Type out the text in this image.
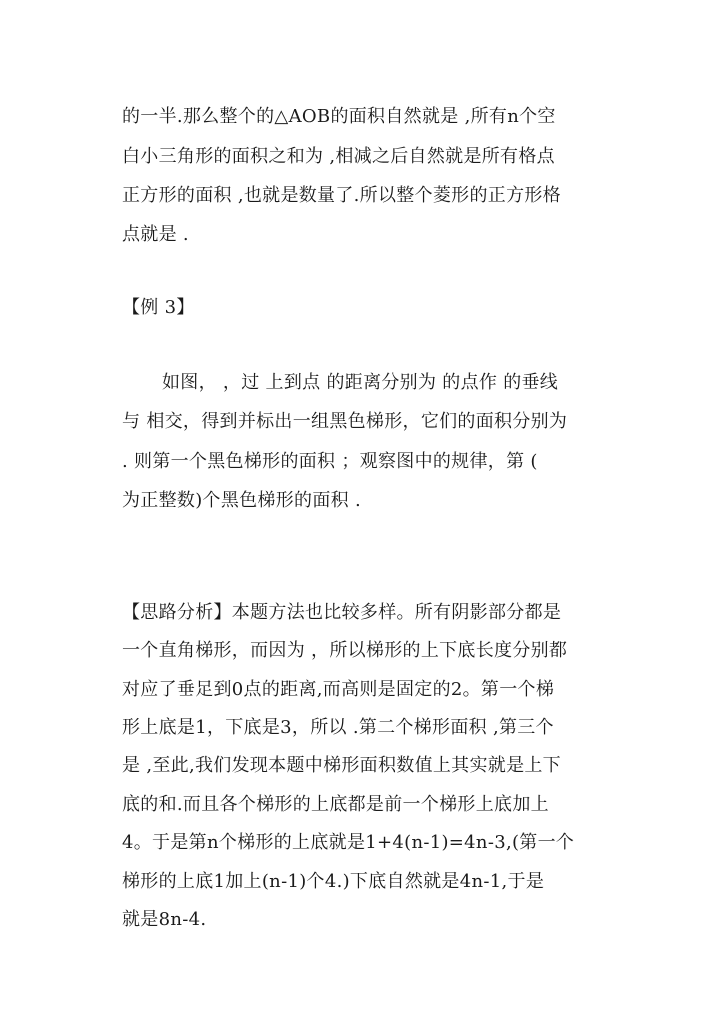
的一半.那么整个的△AOB的面积自然就是 ,所有n个空
白小三角形的面积之和为 ,相减之后自然就是所有格点
正方形的面积 ,也就是数量了.所以整个菱形的正方形格
点就是 .
【例 3】
如图， ，过 上到点 的距离分别为 的点作 的垂线
与 相交，得到并标出一组黑色梯形，它们的面积分别为
. 则第一个黑色梯形的面积 ；观察图中的规律，第 (
为正整数)个黑色梯形的面积 .
【思路分析】本题方法也比较多样。所有阴影部分都是
一个直角梯形，而因为 ，所以梯形的上下底长度分别都
对应了垂足到0点的距离,而高则是固定的2。第一个梯
形上底是1，下底是3，所以 .第二个梯形面积 ,第三个
是 ,至此,我们发现本题中梯形面积数值上其实就是上下
底的和.而且各个梯形的上底都是前一个梯形上底加上
4。于是第n个梯形的上底就是1+4(n-1)=4n-3,(第一个
梯形的上底1加上(n-1)个4.)下底自然就是4n-1,于是
就是8n-4.
